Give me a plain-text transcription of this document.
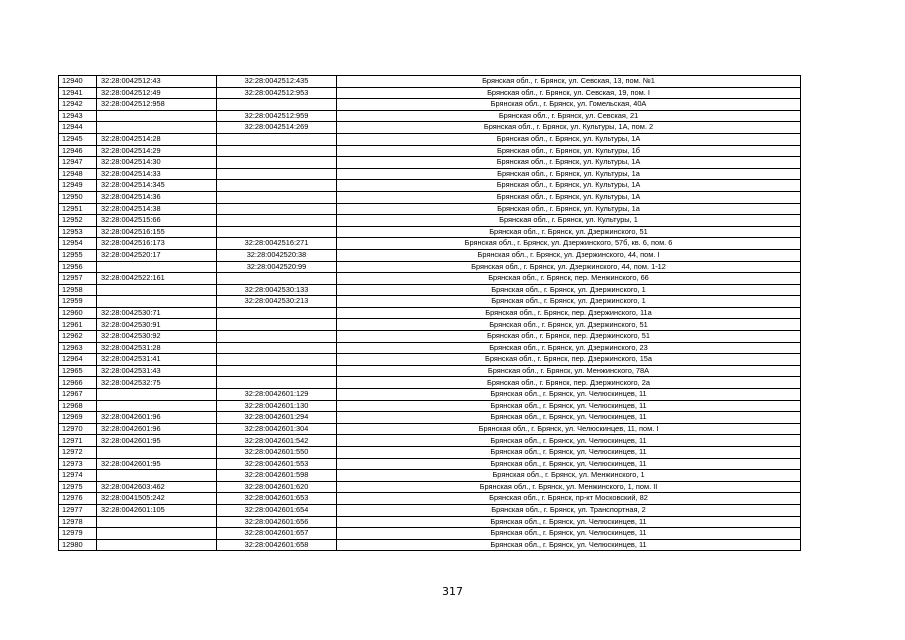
12940	32:28:0042512:43	32:28:0042512:435	Брянская обл., г. Брянск, ул. Севская, 13, пом. №1
12941	32:28:0042512:49	32:28:0042512:953	Брянская обл., г. Брянск, ул. Севская, 19, пом. I
12942	32:28:0042512:958		Брянская обл., г. Брянск, ул. Гомельская, 40А
12943		32:28:0042512:959	Брянская обл., г. Брянск, ул. Севская, 21
12944		32:28:0042514:269	Брянская обл., г. Брянск, ул. Культуры, 1А, пом. 2
12945	32:28:0042514:28		Брянская обл., г. Брянск, ул. Культуры, 1А
12946	32:28:0042514:29		Брянская обл., г. Брянск, ул. Культуры, 1б
12947	32:28:0042514:30		Брянская обл., г. Брянск, ул. Культуры, 1А
12948	32:28:0042514:33		Брянская обл., г. Брянск, ул. Культуры, 1а
12949	32:28:0042514:345		Брянская обл., г. Брянск, ул. Культуры, 1А
12950	32:28:0042514:36		Брянская обл., г. Брянск, ул. Культуры, 1А
12951	32:28:0042514:38		Брянская обл., г. Брянск, ул. Культуры, 1а
12952	32:28:0042515:66		Брянская обл., г. Брянск, ул. Культуры, 1
12953	32:28:0042516:155		Брянская обл., г. Брянск, ул. Дзержинского, 51
12954	32:28:0042516:173	32:28:0042516:271	Брянская обл., г. Брянск, ул. Дзержинского, 57б, кв. 6, пом. 6
12955	32:28:0042520:17	32:28:0042520:38	Брянская обл., г. Брянск, ул. Дзержинского, 44, пом. I
12956		32:28:0042520:99	Брянская обл., г. Брянск, ул. Дзержинского, 44, пом. 1-12
12957	32:28:0042522:161		Брянская обл., г. Брянск, пер. Менжинского, 66
12958		32:28:0042530:133	Брянская обл., г. Брянск, ул. Дзержинского, 1
12959		32:28:0042530:213	Брянская обл., г. Брянск, ул. Дзержинского, 1
12960	32:28:0042530:71		Брянская обл., г. Брянск, пер. Дзержинского, 11а
12961	32:28:0042530:91		Брянская обл., г. Брянск, ул. Дзержинского, 51
12962	32:28:0042530:92		Брянская обл., г. Брянск, пер. Дзержинского, 51
12963	32:28:0042531:28		Брянская обл., г. Брянск, ул. Дзержинского, 23
12964	32:28:0042531:41		Брянская обл., г. Брянск, пер. Дзержинского, 15а
12965	32:28:0042531:43		Брянская обл., г. Брянск, ул. Менжинского, 78А
12966	32:28:0042532:75		Брянская обл., г. Брянск, пер. Дзержинского, 2а
12967		32:28:0042601:129	Брянская обл., г. Брянск, ул. Челюскинцев, 11
12968		32:28:0042601:130	Брянская обл., г. Брянск, ул. Челюскинцев, 11
12969	32:28:0042601:96	32:28:0042601:294	Брянская обл., г. Брянск, ул. Челюскинцев, 11
12970	32:28:0042601:96	32:28:0042601:304	Брянская обл., г. Брянск, ул. Челюскинцев, 11, пом. I
12971	32:28:0042601:95	32:28:0042601:542	Брянская обл., г. Брянск, ул. Челюскинцев, 11
12972		32:28:0042601:550	Брянская обл., г. Брянск, ул. Челюскинцев, 11
12973	32:28:0042601:95	32:28:0042601:553	Брянская обл., г. Брянск, ул. Челюскинцев, 11
12974		32:28:0042601:598	Брянская обл., г. Брянск, ул. Менжинского, 1
12975	32:28:0042603:462	32:28:0042601:620	Брянская обл., г. Брянск, ул. Менжинского, 1, пом. II
12976	32:28:0041505:242	32:28:0042601:653	Брянская обл., г. Брянск, пр-кт Московский, 82
12977	32:28:0042601:105	32:28:0042601:654	Брянская обл., г. Брянск, ул. Транспортная, 2
12978		32:28:0042601:656	Брянская обл., г. Брянск, ул. Челюскинцев, 11
12979		32:28:0042601:657	Брянская обл., г. Брянск, ул. Челюскинцев, 11
12980		32:28:0042601:658	Брянская обл., г. Брянск, ул. Челюскинцев, 11
317
